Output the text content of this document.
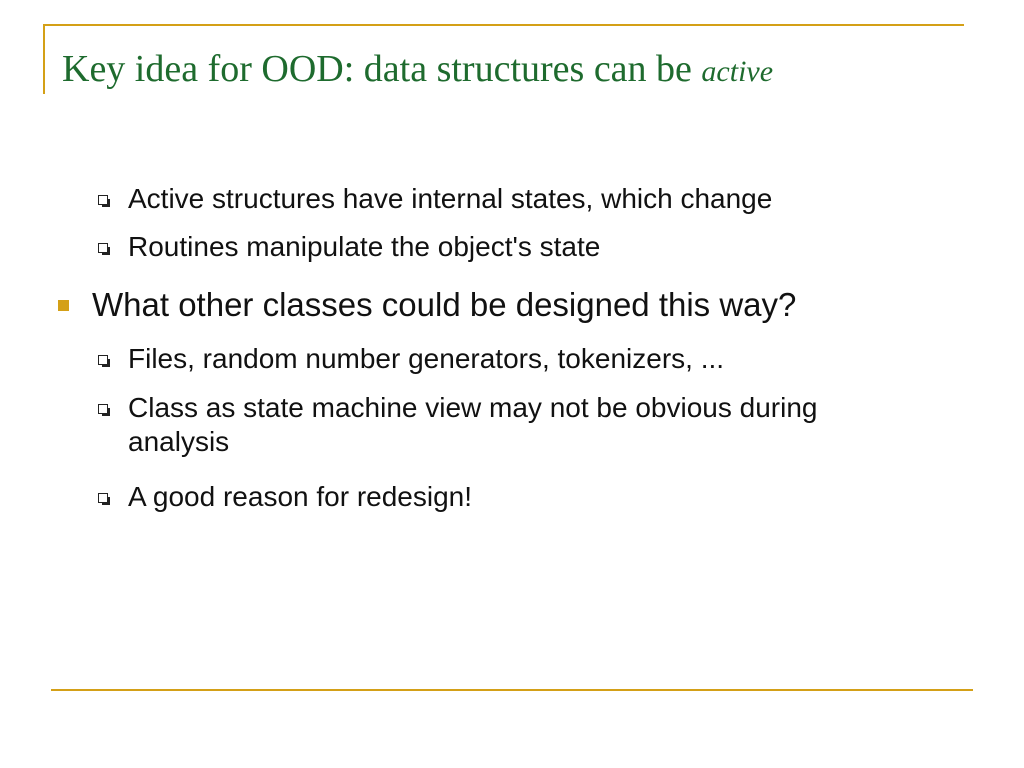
Key idea for OOD: data structures can be active
Active structures have internal states, which change
Routines manipulate the object's state
What other classes could be designed this way?
Files, random number generators, tokenizers, ...
Class as state machine view may not be obvious during analysis
A good reason for redesign!
